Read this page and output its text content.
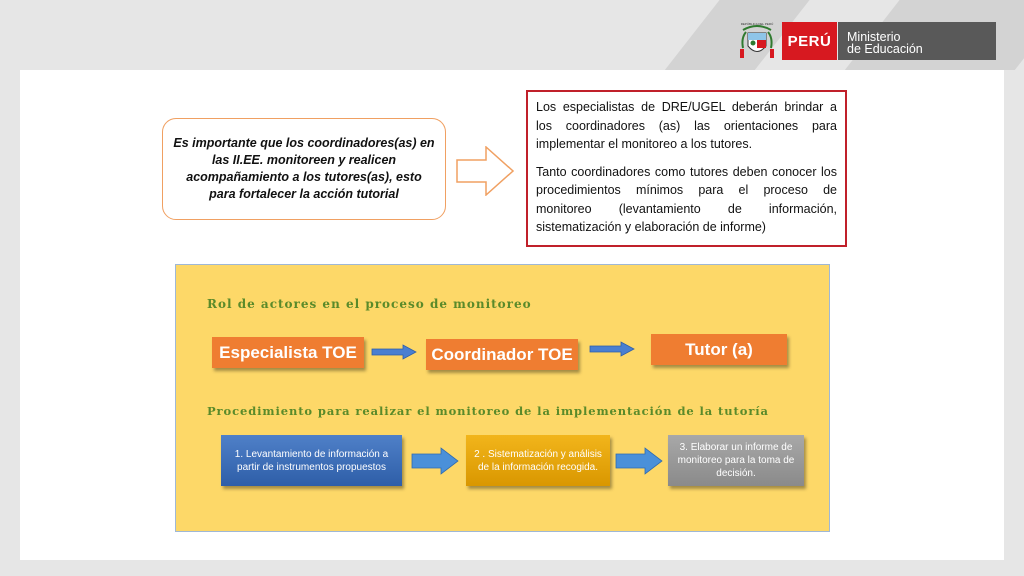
REPÚBLICA DEL PERÚ
PERÚ	Ministerio
de Educación
Es importante que los coordinadores(as) en las II.EE. monitoreen y realicen acompañamiento a los tutores(as), esto para fortalecer la acción tutorial

Los especialistas de DRE/UGEL deberán brindar a los coordinadores (as) las orientaciones para implementar el monitoreo a los tutores.

Tanto coordinadores como tutores deben conocer los procedimientos mínimos para el proceso de monitoreo (levantamiento de información, sistematización y elaboración de informe)

Rol de actores en el proceso de monitoreo
Especialista TOE	Coordinador TOE	Tutor (a)
Procedimiento para realizar el monitoreo de la implementación de la tutoría
1. Levantamiento de información a partir de instrumentos propuestos
2 . Sistematización y análisis de la información recogida.
3. Elaborar un informe de monitoreo para la toma de decisión.
